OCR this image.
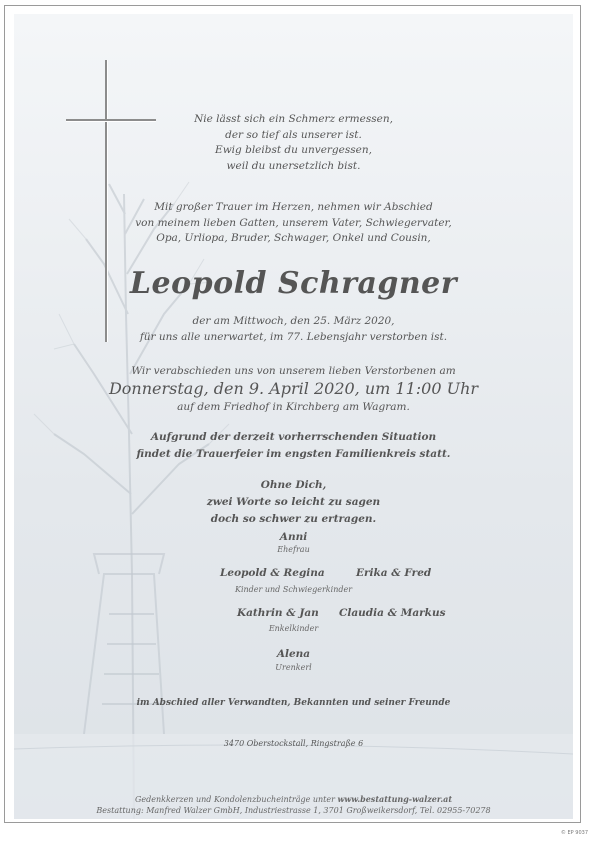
Nie lässt sich ein Schmerz ermessen,
der so tief als unserer ist.
Ewig bleibst du unvergessen,
weil du unersetzlich bist.
Mit großer Trauer im Herzen, nehmen wir Abschied
von meinem lieben Gatten, unserem Vater, Schwiegervater,
Opa, Urliopa, Bruder, Schwager, Onkel und Cousin,
Leopold Schragner
der am Mittwoch, den 25. März 2020,
für uns alle unerwartet, im 77. Lebensjahr verstorben ist.
Wir verabschieden uns von unserem lieben Verstorbenen am
Donnerstag, den 9. April 2020, um 11:00 Uhr
auf dem Friedhof in Kirchberg am Wagram.
Aufgrund der derzeit vorherrschenden Situation
findet die Trauerfeier im engsten Familienkreis statt.
Ohne Dich,
zwei Worte so leicht zu sagen
doch so schwer zu ertragen.
Anni
Ehefrau
Leopold & Regina	Erika & Fred
Kinder und Schwiegerkinder
Kathrin & Jan Claudia & Markus
Enkelkinder
Alena
Urenkerl
im Abschied aller Verwandten, Bekannten und seiner Freunde
3470 Oberstockstall, Ringstraße 6
Gedenkkerzen und Kondolenzbucheinträge unter www.bestattung-walzer.at
Bestattung: Manfred Walzer GmbH, Industriestrasse 1, 3701 Großweikersdorf, Tel. 02955-70278
© EP 9037
